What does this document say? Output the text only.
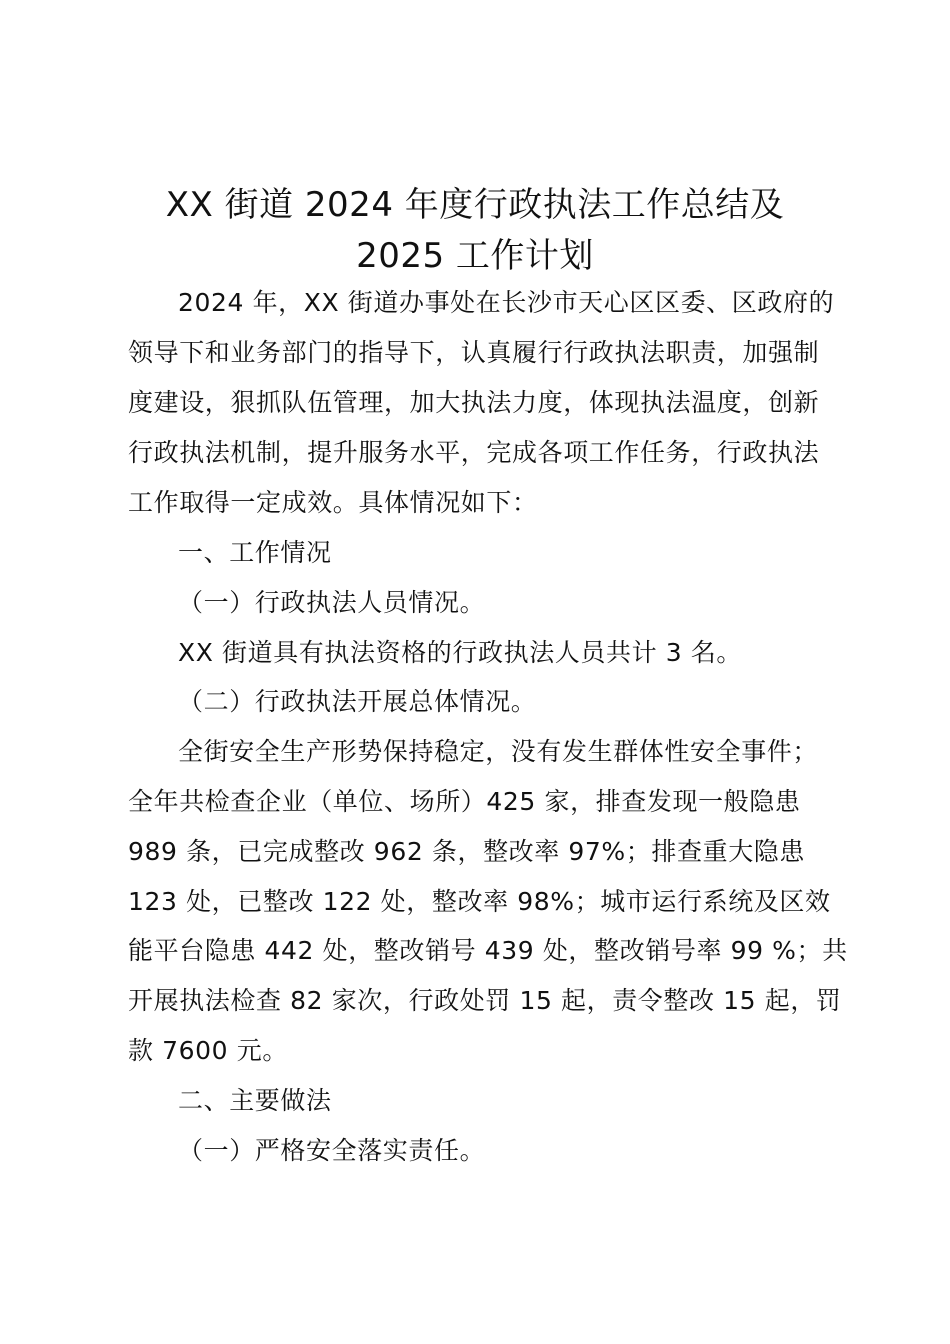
XX 街道 2024 年度行政执法工作总结及
2025 工作计划
2024 年，XX 街道办事处在长沙市天心区区委、区政府的
领导下和业务部门的指导下，认真履行行政执法职责，加强制
度建设，狠抓队伍管理，加大执法力度，体现执法温度，创新
行政执法机制，提升服务水平，完成各项工作任务，行政执法
工作取得一定成效。具体情况如下：
一、工作情况
（一）行政执法人员情况。
XX 街道具有执法资格的行政执法人员共计 3 名。
（二）行政执法开展总体情况。
全街安全生产形势保持稳定，没有发生群体性安全事件；
全年共检查企业（单位、场所）425 家，排查发现一般隐患
989 条，已完成整改 962 条，整改率 97%；排查重大隐患
123 处，已整改 122 处，整改率 98%；城市运行系统及区效
能平台隐患 442 处，整改销号 439 处，整改销号率 99 %；共
开展执法检查 82 家次，行政处罚 15 起，责令整改 15 起，罚
款 7600 元。
二、主要做法
（一）严格安全落实责任。
